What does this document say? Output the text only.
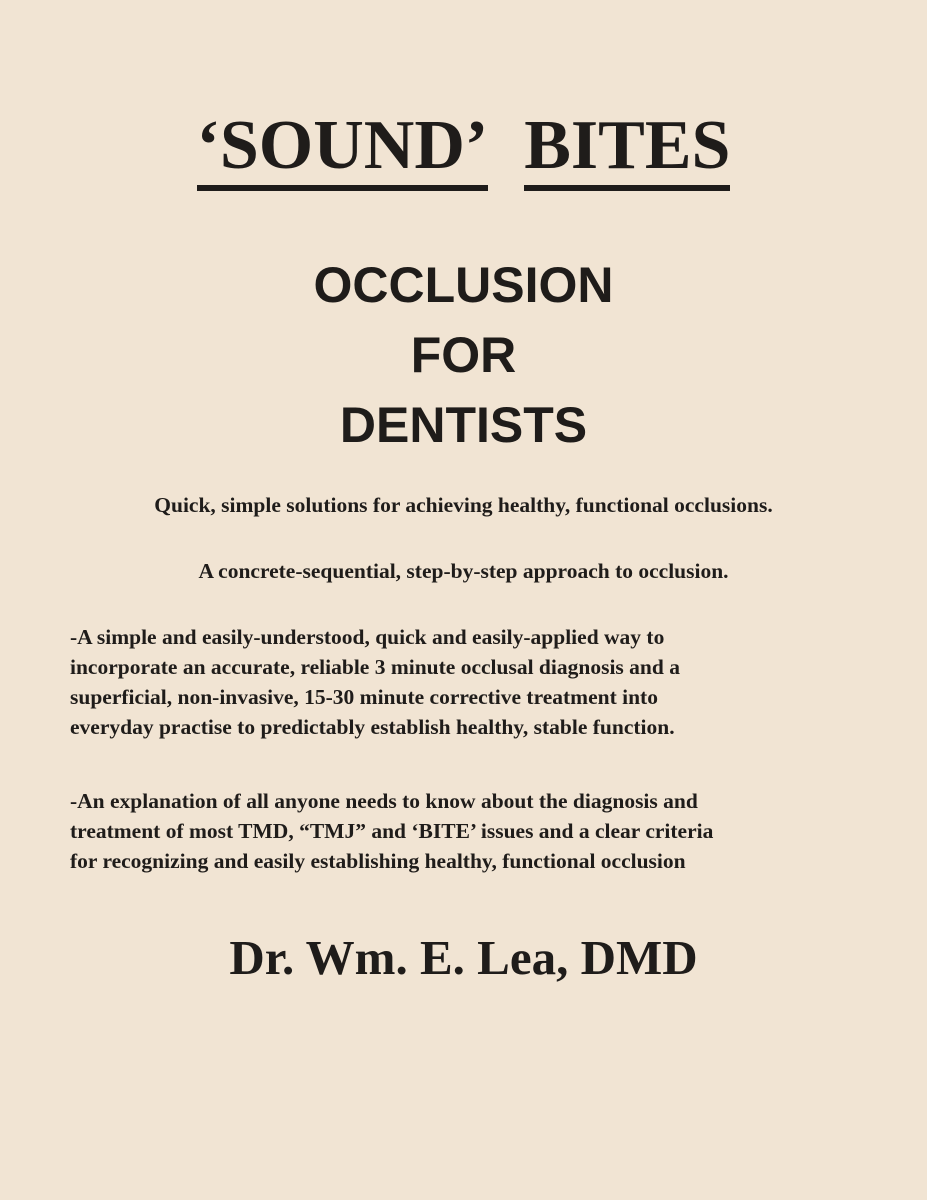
‘SOUND’ BITES
OCCLUSION
FOR
DENTISTS
Quick, simple solutions for achieving healthy, functional occlusions.
A concrete-sequential, step-by-step approach to occlusion.
-A simple and easily-understood, quick and easily-applied way to
incorporate an accurate, reliable 3 minute occlusal diagnosis and a
superficial, non-invasive, 15-30 minute corrective treatment into
everyday practise to predictably establish healthy, stable function.
-An explanation of all anyone needs to know about the diagnosis and
treatment of most TMD, “TMJ” and ‘BITE’ issues and a clear criteria
for recognizing and easily establishing healthy, functional occlusion
Dr. Wm. E. Lea, DMD
